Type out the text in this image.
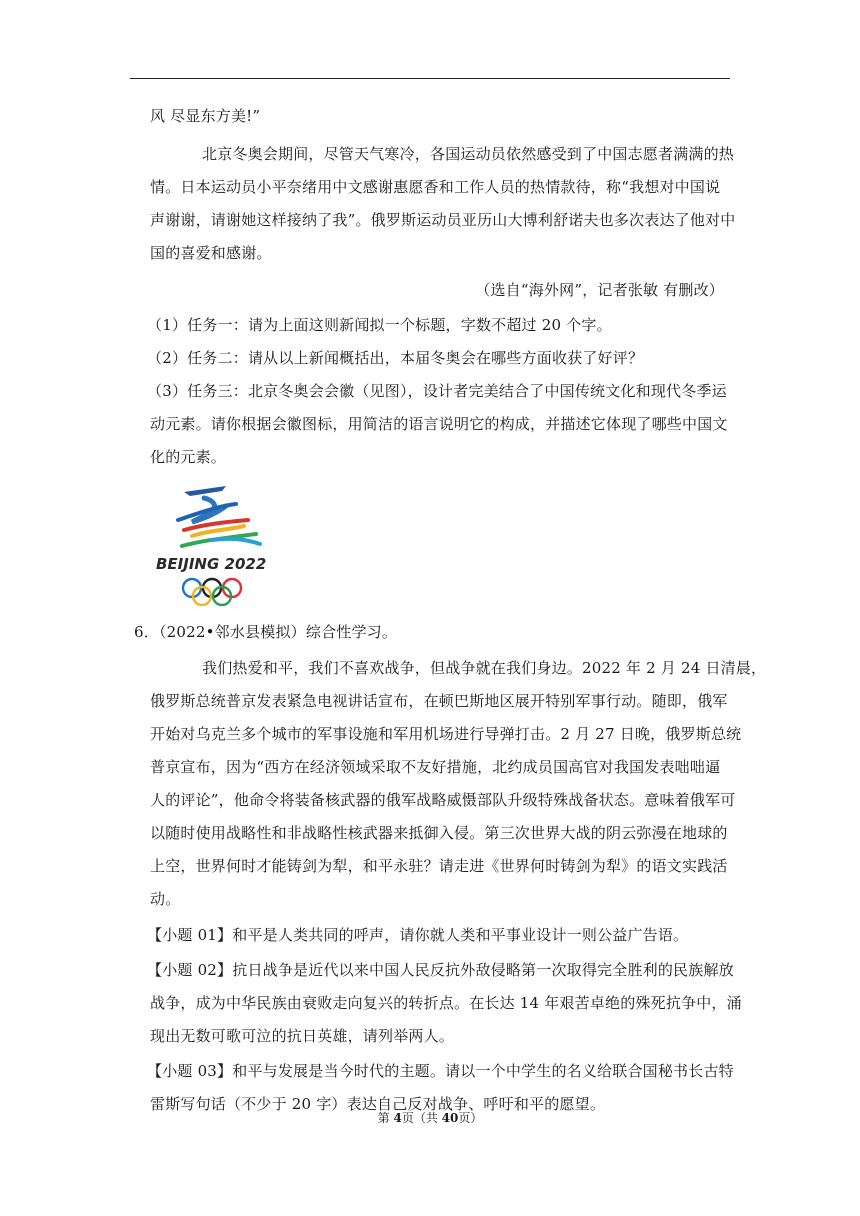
风 尽显东方美!”
北京冬奥会期间，尽管天气寒冷，各国运动员依然感受到了中国志愿者满满的热
情。日本运动员小平奈绪用中文感谢惠愿香和工作人员的热情款待，称“我想对中国说
声谢谢，请谢她这样接纳了我”。俄罗斯运动员亚历山大博利舒诺夫也多次表达了他对中
国的喜爱和感谢。
（选自“海外网”，记者张敏 有删改）
（1）任务一：请为上面这则新闻拟一个标题，字数不超过 20 个字。
（2）任务二：请从以上新闻概括出，本届冬奥会在哪些方面收获了好评？
（3）任务三：北京冬奥会会徽（见图），设计者完美结合了中国传统文化和现代冬季运
动元素。请你根据会徽图标，用简洁的语言说明它的构成，并描述它体现了哪些中国文
化的元素。
BEIJING 2022
6．（2022•邻水县模拟）综合性学习。
我们热爱和平，我们不喜欢战争，但战争就在我们身边。2022 年 2 月 24 日清晨，
俄罗斯总统普京发表紧急电视讲话宣布，在顿巴斯地区展开特别军事行动。随即，俄军
开始对乌克兰多个城市的军事设施和军用机场进行导弹打击。2 月 27 日晚，俄罗斯总统
普京宣布，因为“西方在经济领域采取不友好措施，北约成员国高官对我国发表咄咄逼
人的评论”，他命令将装备核武器的俄军战略威慑部队升级特殊战备状态。意味着俄军可
以随时使用战略性和非战略性核武器来抵御入侵。第三次世界大战的阴云弥漫在地球的
上空，世界何时才能铸剑为犁，和平永驻？请走进《世界何时铸剑为犁》的语文实践活
动。
【小题 01】和平是人类共同的呼声，请你就人类和平事业设计一则公益广告语。
【小题 02】抗日战争是近代以来中国人民反抗外敌侵略第一次取得完全胜利的民族解放
战争，成为中华民族由衰败走向复兴的转折点。在长达 14 年艰苦卓绝的殊死抗争中，涌
现出无数可歌可泣的抗日英雄，请列举两人。
【小题 03】和平与发展是当今时代的主题。请以一个中学生的名义给联合国秘书长古特
雷斯写句话（不少于 20 字）表达自己反对战争、呼吁和平的愿望。
第 4页（共 40页）
